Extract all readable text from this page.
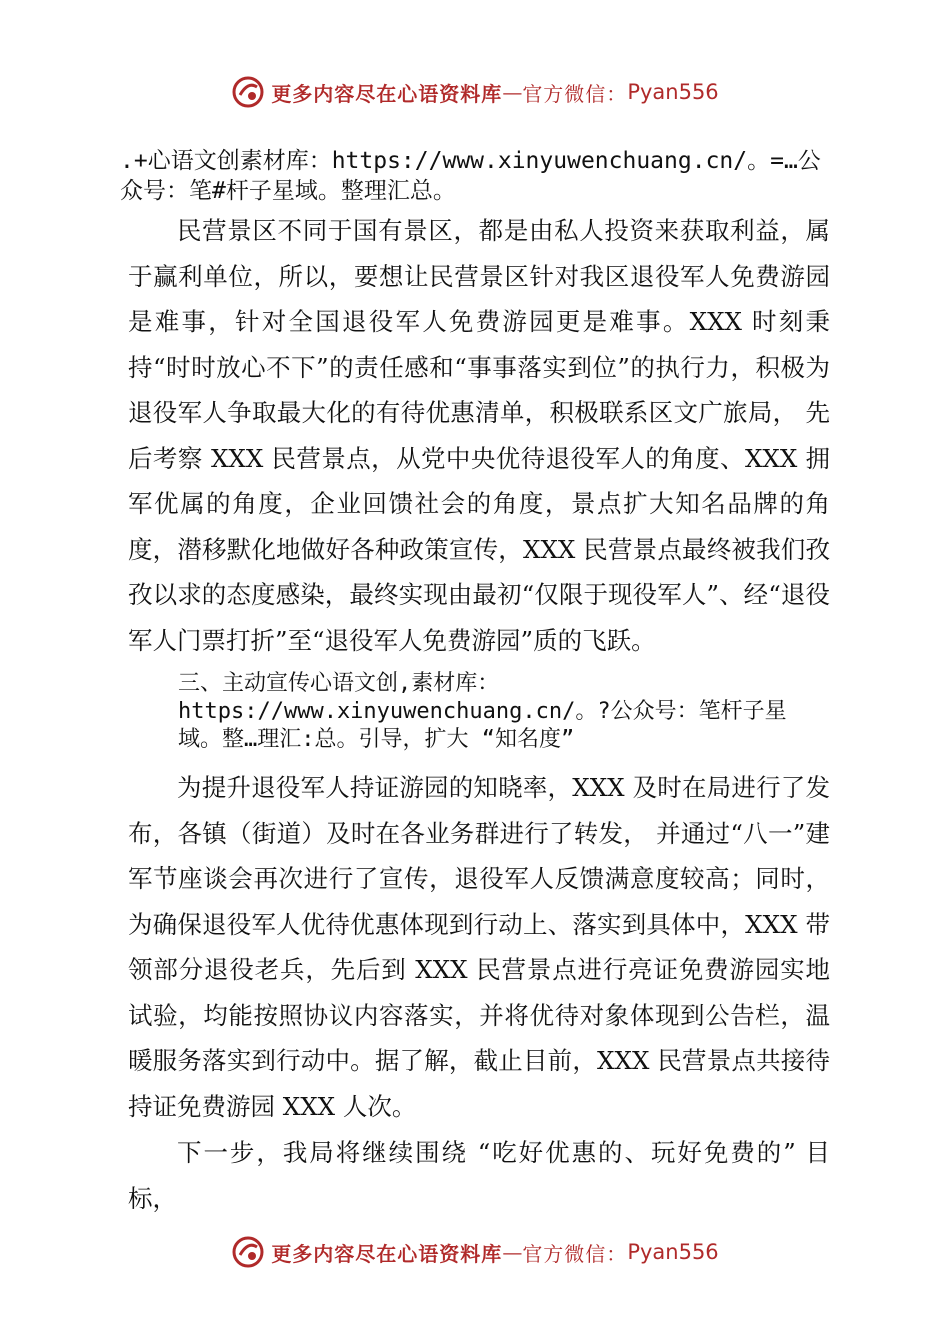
更多内容尽在心语资料库 — 官方微信： Pyan556
.+心语文创素材库：https://www.xinyuwenchuang.cn/。=…公众号：笔#杆子星域。整理汇总。
民营景区不同于国有景区，都是由私人投资来获取利益，属于赢利单位，所以，要想让民营景区针对我区退役军人免费游园是难事，针对全国退役军人免费游园更是难事。XXX 时刻秉持“时时放心不下”的责任感和“事事落实到位”的执行力，积极为退役军人争取最大化的有待优惠清单，积极联系区文广旅局， 先后考察 XXX 民营景点，从党中央优待退役军人的角度、XXX 拥军优属的角度，企业回馈社会的角度，景点扩大知名品牌的角度，潜移默化地做好各种政策宣传，XXX 民营景点最终被我们孜孜以求的态度感染，最终实现由最初“仅限于现役军人”、经“退役军人门票打折”至“退役军人免费游园”质的飞跃。
三、主动宣传心语文创,素材库：https://www.xinyuwenchuang.cn/。?公众号：笔杆子星域。整…理汇:总。引导，扩大 “知名度”
为提升退役军人持证游园的知晓率，XXX 及时在局进行了发布，各镇（街道）及时在各业务群进行了转发， 并通过“八一”建军节座谈会再次进行了宣传，退役军人反馈满意度较高；同时，为确保退役军人优待优惠体现到行动上、落实到具体中，XXX 带领部分退役老兵，先后到 XXX 民营景点进行亮证免费游园实地试验，均能按照协议内容落实，并将优待对象体现到公告栏，温暖服务落实到行动中。据了解，截止目前，XXX 民营景点共接待持证免费游园 XXX 人次。
下一步，我局将继续围绕 “吃好优惠的、玩好免费的” 目标，
更多内容尽在心语资料库 — 官方微信： Pyan556
